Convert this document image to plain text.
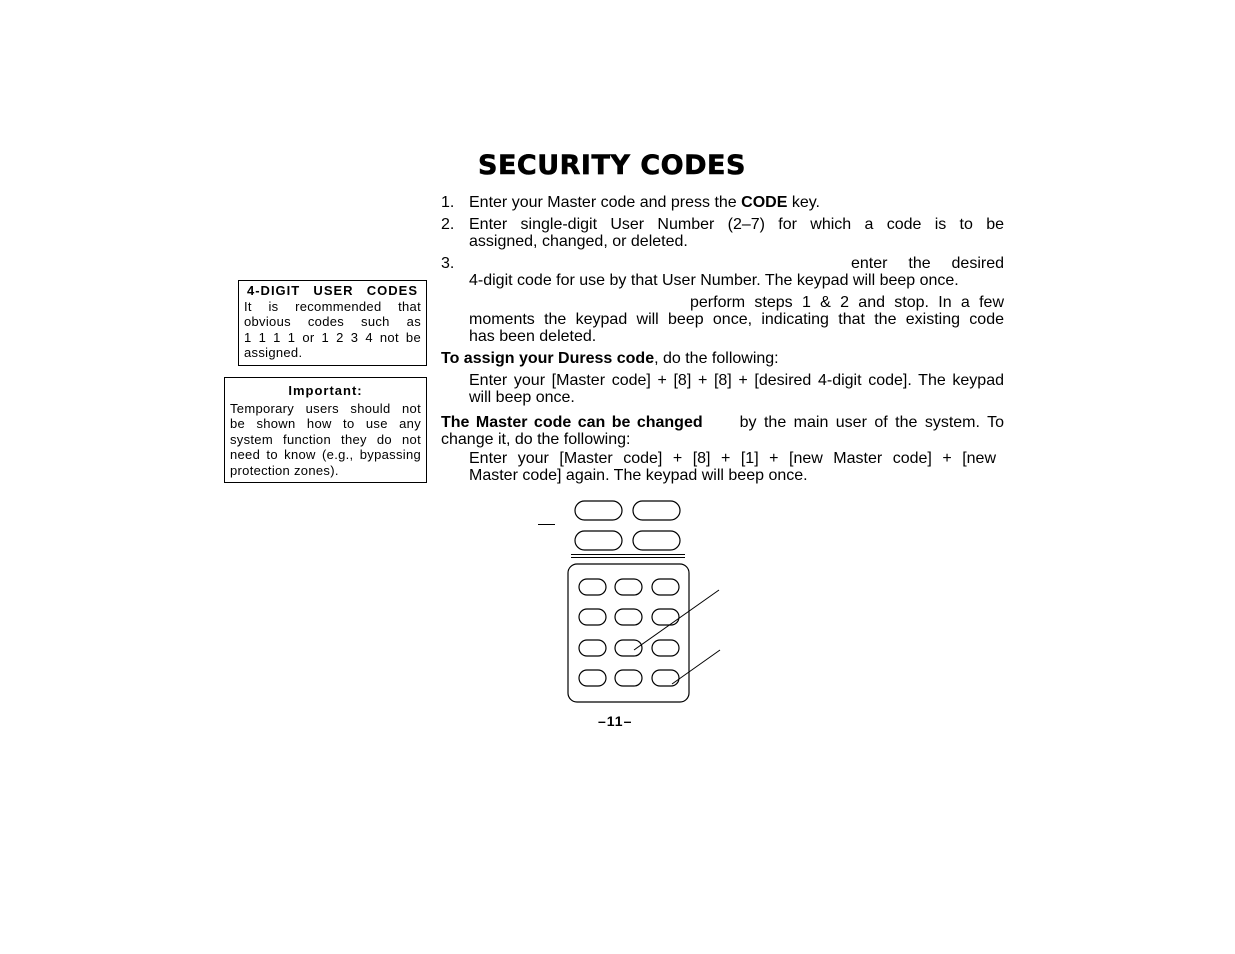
SECURITY CODES
1. Enter your Master code and press the CODE key.
2. Enter single-digit User Number (2–7) for which a code is to be
assigned, changed, or deleted.
3.	enter the desired
4-digit code for use by that User Number. The keypad will beep once.
perform steps 1 & 2 and stop. In a few
moments the keypad will beep once, indicating that the existing code
has been deleted.
To assign your Duress code, do the following:
Enter your [Master code] + [8] + [8] + [desired 4-digit code]. The keypad
will beep once.
The Master code can be changed by the main user of the system. To
change it, do the following:
Enter your [Master code] + [8] + [1] + [new Master code] + [new
Master code] again. The keypad will beep once.
4-DIGIT USER CODES
It is recommended that
obvious codes such as
1 1 1 1 or 1 2 3 4 not be
assigned.
Important:
Temporary users should not
be shown how to use any
system function they do not
need to know (e.g., bypassing
protection zones).
–11–
